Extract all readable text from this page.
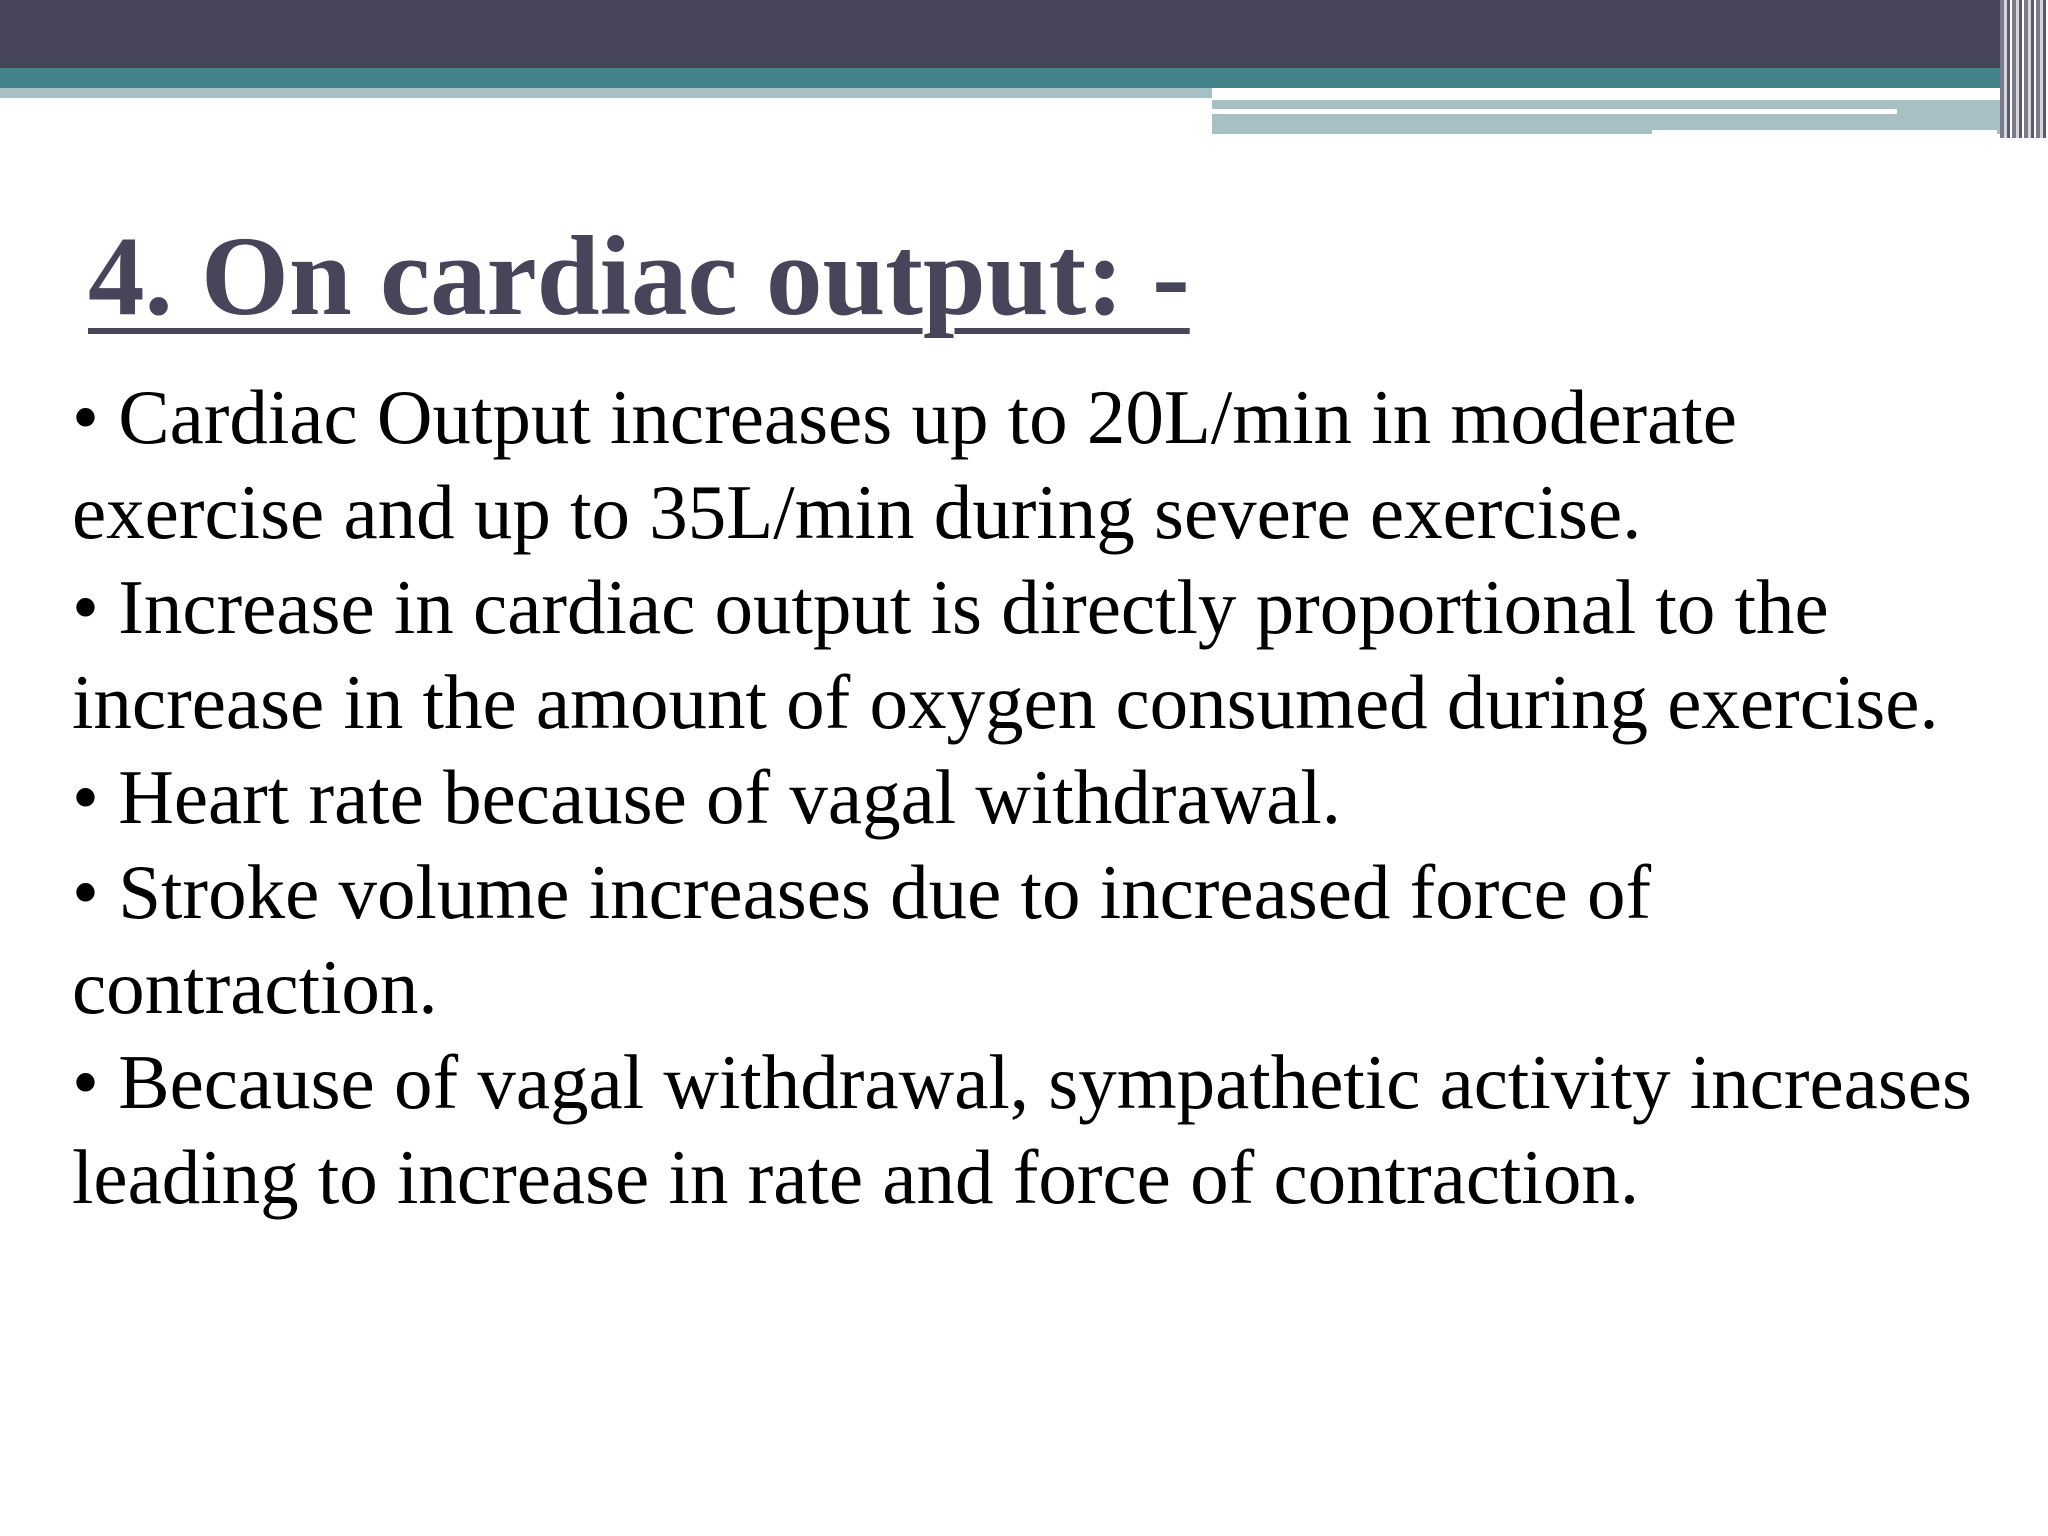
4. On cardiac output: -
• Cardiac Output increases up to 20L/min in moderate exercise and up to 35L/min during severe exercise.
• Increase in cardiac output is directly proportional to the increase in the amount of oxygen consumed during exercise.
• Heart rate because of vagal withdrawal.
• Stroke volume increases due to increased force of contraction.
• Because of vagal withdrawal, sympathetic activity increases leading to increase in rate and force of contraction.
